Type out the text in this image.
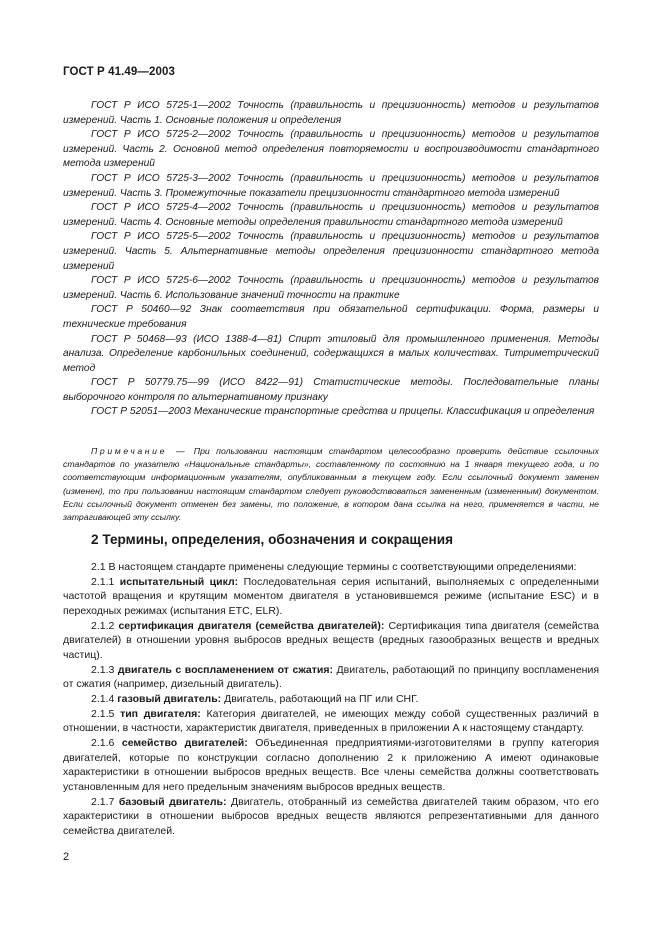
ГОСТ Р 41.49—2003

ГОСТ Р ИСО 5725-1—2002 Точность (правильность и прецизионность) методов и результатов измерений. Часть 1. Основные положения и определения

ГОСТ Р ИСО 5725-2—2002 Точность (правильность и прецизионность) методов и результатов измерений. Часть 2. Основной метод определения повторяемости и воспроизводимости стандартного метода измерений

ГОСТ Р ИСО 5725-3—2002 Точность (правильность и прецизионность) методов и результатов измерений. Часть 3. Промежуточные показатели прецизионности стандартного метода измерений

ГОСТ Р ИСО 5725-4—2002 Точность (правильность и прецизионность) методов и результатов измерений. Часть 4. Основные методы определения правильности стандартного метода измерений

ГОСТ Р ИСО 5725-5—2002 Точность (правильность и прецизионность) методов и результатов измерений. Часть 5. Альтернативные методы определения прецизионности стандартного метода измерений

ГОСТ Р ИСО 5725-6—2002 Точность (правильность и прецизионность) методов и результатов измерений. Часть 6. Использование значений точности на практике

ГОСТ Р 50460—92 Знак соответствия при обязательной сертификации. Форма, размеры и технические требования

ГОСТ Р 50468—93 (ИСО 1388-4—81) Спирт этиловый для промышленного применения. Методы анализа. Определение карбонильных соединений, содержащихся в малых количествах. Титриметрический метод

ГОСТ Р 50779.75—99 (ИСО 8422—91) Статистические методы. Последовательные планы выборочного контроля по альтернативному признаку

ГОСТ Р 52051—2003 Механические транспортные средства и прицепы. Классификация и определения

Примечание — При пользовании настоящим стандартом целесообразно проверить действие ссылочных стандартов по указателю «Национальные стандарты», составленному по состоянию на 1 января текущего года, и по соответствующим информационным указателям, опубликованным в текущем году. Если ссылочный документ заменен (изменен), то при пользовании настоящим стандартом следует руководствоваться замененным (измененным) документом. Если ссылочный документ отменен без замены, то положение, в котором дана ссылка на него, применяется в части, не затрагивающей эту ссылку.

2 Термины, определения, обозначения и сокращения

2.1 В настоящем стандарте применены следующие термины с соответствующими определениями:

2.1.1 испытательный цикл: Последовательная серия испытаний, выполняемых с определенными частотой вращения и крутящим моментом двигателя в установившемся режиме (испытание ESC) и в переходных режимах (испытания ETC, ELR).

2.1.2 сертификация двигателя (семейства двигателей): Сертификация типа двигателя (семейства двигателей) в отношении уровня выбросов вредных веществ (вредных газообразных веществ и вредных частиц).

2.1.3 двигатель с воспламенением от сжатия: Двигатель, работающий по принципу воспламенения от сжатия (например, дизельный двигатель).

2.1.4 газовый двигатель: Двигатель, работающий на ПГ или СНГ.

2.1.5 тип двигателя: Категория двигателей, не имеющих между собой существенных различий в отношении, в частности, характеристик двигателя, приведенных в приложении А к настоящему стандарту.

2.1.6 семейство двигателей: Объединенная предприятиями-изготовителями в группу категория двигателей, которые по конструкции согласно дополнению 2 к приложению А имеют одинаковые характеристики в отношении выбросов вредных веществ. Все члены семейства должны соответствовать установленным для него предельным значениям выбросов вредных веществ.

2.1.7 базовый двигатель: Двигатель, отобранный из семейства двигателей таким образом, что его характеристики в отношении выбросов вредных веществ являются репрезентативными для данного семейства двигателей.

2
